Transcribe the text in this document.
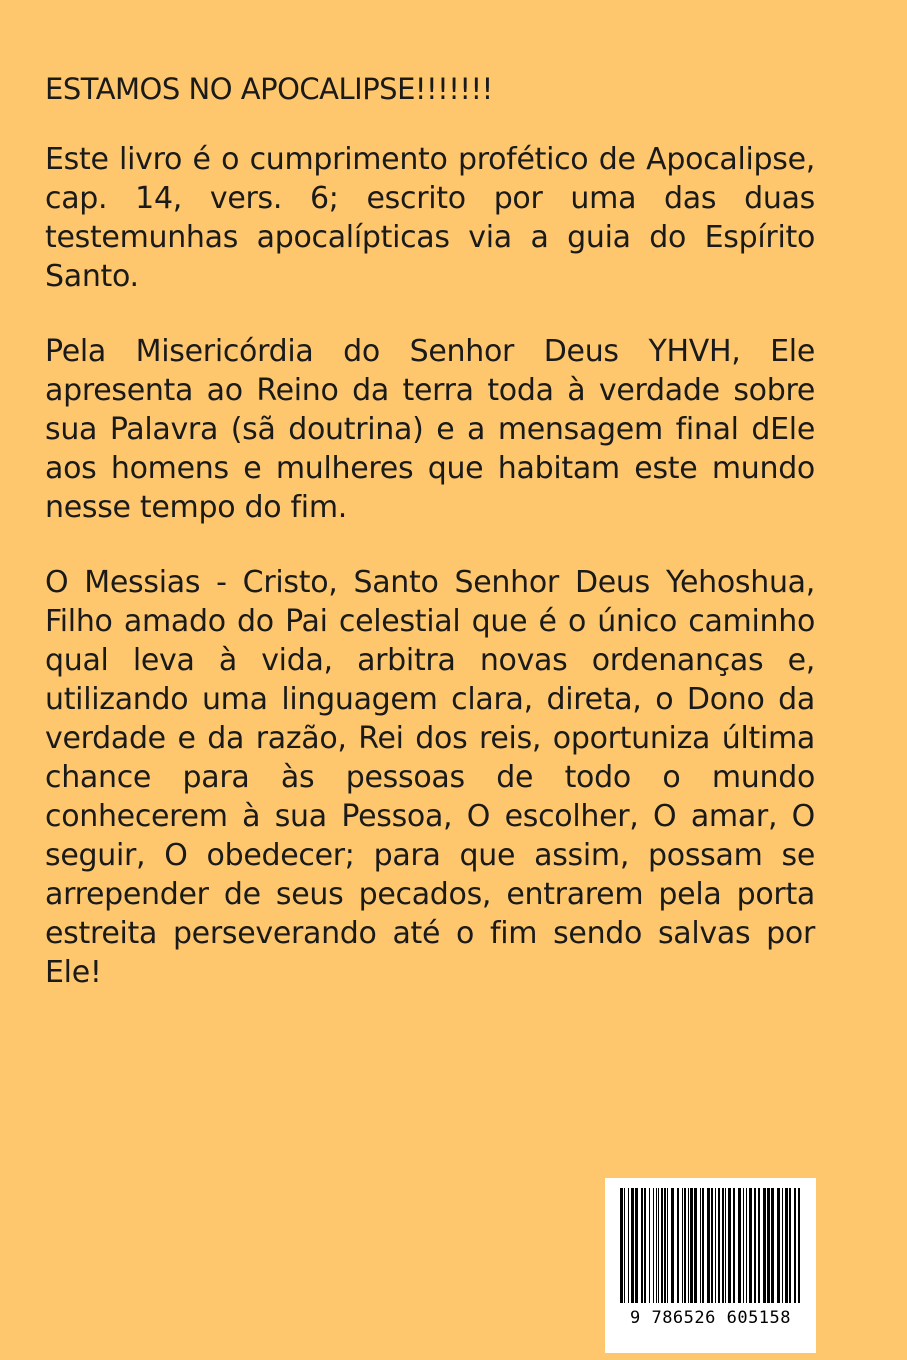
ESTAMOS NO APOCALIPSE!!!!!!!
Este livro é o cumprimento profético de Apocalipse, cap. 14, vers. 6; escrito por uma das duas testemunhas apocalípticas via a guia do Espírito Santo.
Pela Misericórdia do Senhor Deus YHVH, Ele apresenta ao Reino da terra toda à verdade sobre sua Palavra (sã doutrina) e a mensagem final dEle aos homens e mulheres que habitam este mundo nesse tempo do fim.
O Messias - Cristo, Santo Senhor Deus Yehoshua, Filho amado do Pai celestial que é o único caminho qual leva à vida, arbitra novas ordenanças e, utilizando uma linguagem clara, direta, o Dono da verdade e da razão, Rei dos reis, oportuniza última chance para às pessoas de todo o mundo conhecerem à sua Pessoa, O escolher, O amar, O seguir, O obedecer; para que assim, possam se arrepender de seus pecados, entrarem pela porta estreita perseverando até o fim sendo salvas por Ele!
9 786526 605158
